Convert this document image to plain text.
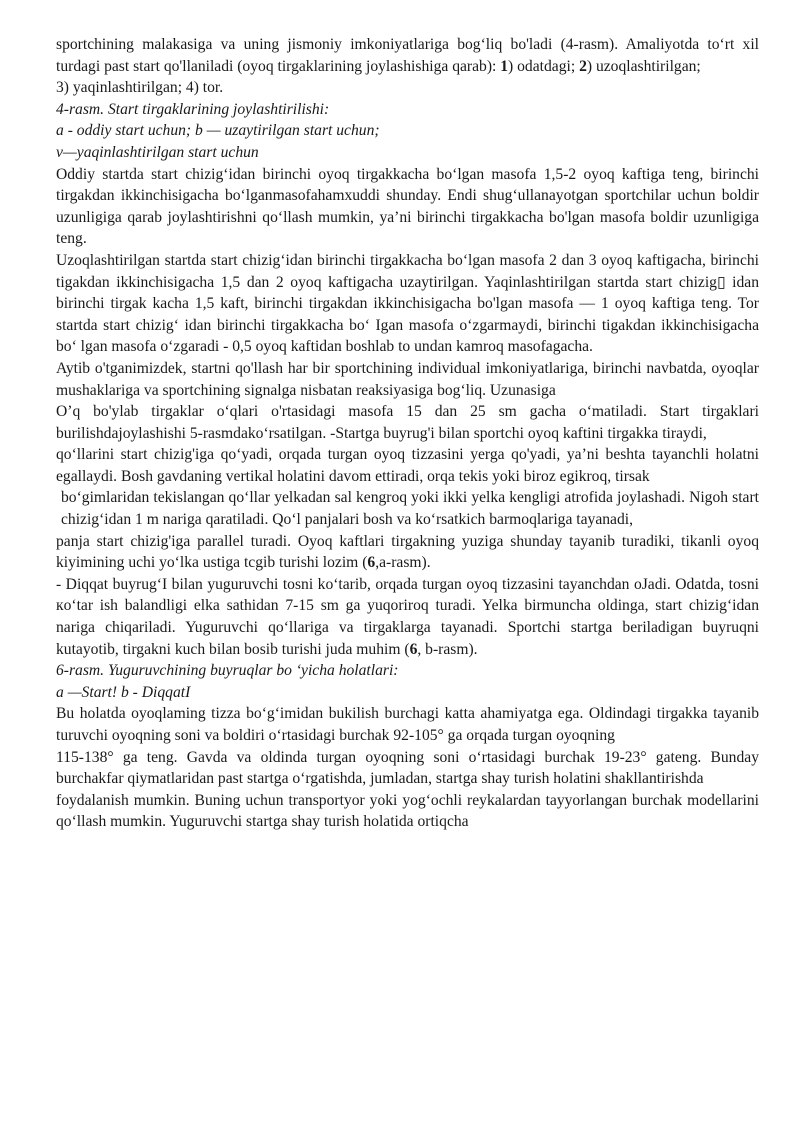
sportchining malakasiga va uning jismoniy imkoniyatlariga bog‘liq bo'ladi (4-rasm). Amaliyotda to‘rt xil turdagi past start qo'llaniladi (oyoq tirgaklarining joylashishiga qarab): 1) odatdagi; 2) uzoqlashtirilgan;

3) yaqinlashtirilgan; 4) tor.

4-rasm. Start tirgaklarining joylashtirilishi:

a - oddiy start uchun; b — uzaytirilgan start uchun;

v—yaqinlashtirilgan start uchun

Oddiy startda start chizig‘idan birinchi oyoq tirgakkacha bo‘lgan masofa 1,5-2 oyoq kaftiga teng, birinchi tirgakdan ikkinchisigacha bo‘lganmasofahamxuddi shunday. Endi shug‘ullanayotgan sportchilar uchun boldir uzunligiga qarab joylashtirishni qo‘llash mumkin, ya’ni birinchi tirgakkacha bo'lgan masofa boldir uzunligiga teng.

Uzoqlashtirilgan startda start chizig‘idan birinchi tirgakkacha bo‘lgan masofa 2 dan 3 oyoq kaftigacha, birinchi tigakdan ikkinchisigacha 1,5 dan 2 oyoq kaftigacha uzaytirilgan. Yaqinlashtirilgan startda start chizig▯ idan birinchi tirgak kacha 1,5 kaft, birinchi tirgakdan ikkinchisigacha bo'lgan masofa — 1 oyoq kaftiga teng. Tor startda start chizig‘ idan birinchi tirgakkacha bo‘ Igan masofa o‘zgarmaydi, birinchi tigakdan ikkinchisigacha bo‘ lgan masofa o‘zgaradi - 0,5 oyoq kaftidan boshlab to undan kamroq masofagacha.

Aytib o'tganimizdek, startni qo'llash har bir sportchining individual imkoniyatlariga, birinchi navbatda, oyoqlar mushaklariga va sportchining signalga nisbatan reaksiyasiga bog‘liq. Uzunasiga

O’q bo'ylab tirgaklar o‘qlari o'rtasidagi masofa 15 dan 25 sm gacha o‘matiladi. Start tirgaklari burilishdajoylashishi 5-rasmdako‘rsatilgan. -Startga buyrug'i bilan sportchi oyoq kaftini tirgakka tiraydi,

qo‘llarini start chizig'iga qo‘yadi, orqada turgan oyoq tizzasini yerga qo'yadi, ya’ni beshta tayanchli holatni egallaydi. Bosh gavdaning vertikal holatini davom ettiradi, orqa tekis yoki biroz egikroq, tirsak

bo‘gimlaridan tekislangan qo‘llar yelkadan sal kengroq yoki ikki yelka kengligi atrofida joylashadi. Nigoh start chizig‘idan 1 m nariga qaratiladi. Qo‘l panjalari bosh va ko‘rsatkich barmoqlariga tayanadi,

panja start chizig'iga parallel turadi. Oyoq kaftlari tirgakning yuziga shunday tayanib turadiki, tikanli oyoq kiyimining uchi yo‘lka ustiga tcgib turishi lozim (6,a-rasm).

- Diqqat buyrug‘I bilan yuguruvchi tosni ko‘tarib, orqada turgan oyoq tizzasini tayanchdan oJadi. Odatda, tosni кo‘tar ish balandligi elka sathidan 7-15 sm ga yuqoriroq turadi. Yelka birmuncha oldinga, start chizig‘idan nariga chiqariladi. Yuguruvchi qo‘llariga va tirgaklarga tayanadi. Sportchi startga beriladigan buyruqni kutayotib, tirgakni kuch bilan bosib turishi juda muhim (6, b-rasm).

6-rasm. Yuguruvchining buyruqlar bo ‘yicha holatlari:

a —Start! b - DiqqatI

Bu holatda oyoqlaming tizza bo‘g‘imidan bukilish burchagi katta ahamiyatga ega. Oldindagi tirgakka tayanib turuvchi oyoqning soni va boldiri o‘rtasidagi burchak 92-105° ga orqada turgan oyoqning

115-138° ga teng. Gavda va oldinda turgan oyoqning soni o‘rtasidagi burchak 19-23° gateng. Bunday burchakfar qiymatlaridan past startga o‘rgatishda, jumladan, startga shay turish holatini shakllantirishda

foydalanish mumkin. Buning uchun transportyor yoki yog‘ochli reykalardan tayyorlangan burchak modellarini qo‘llash mumkin. Yuguruvchi startga shay turish holatida ortiqcha
